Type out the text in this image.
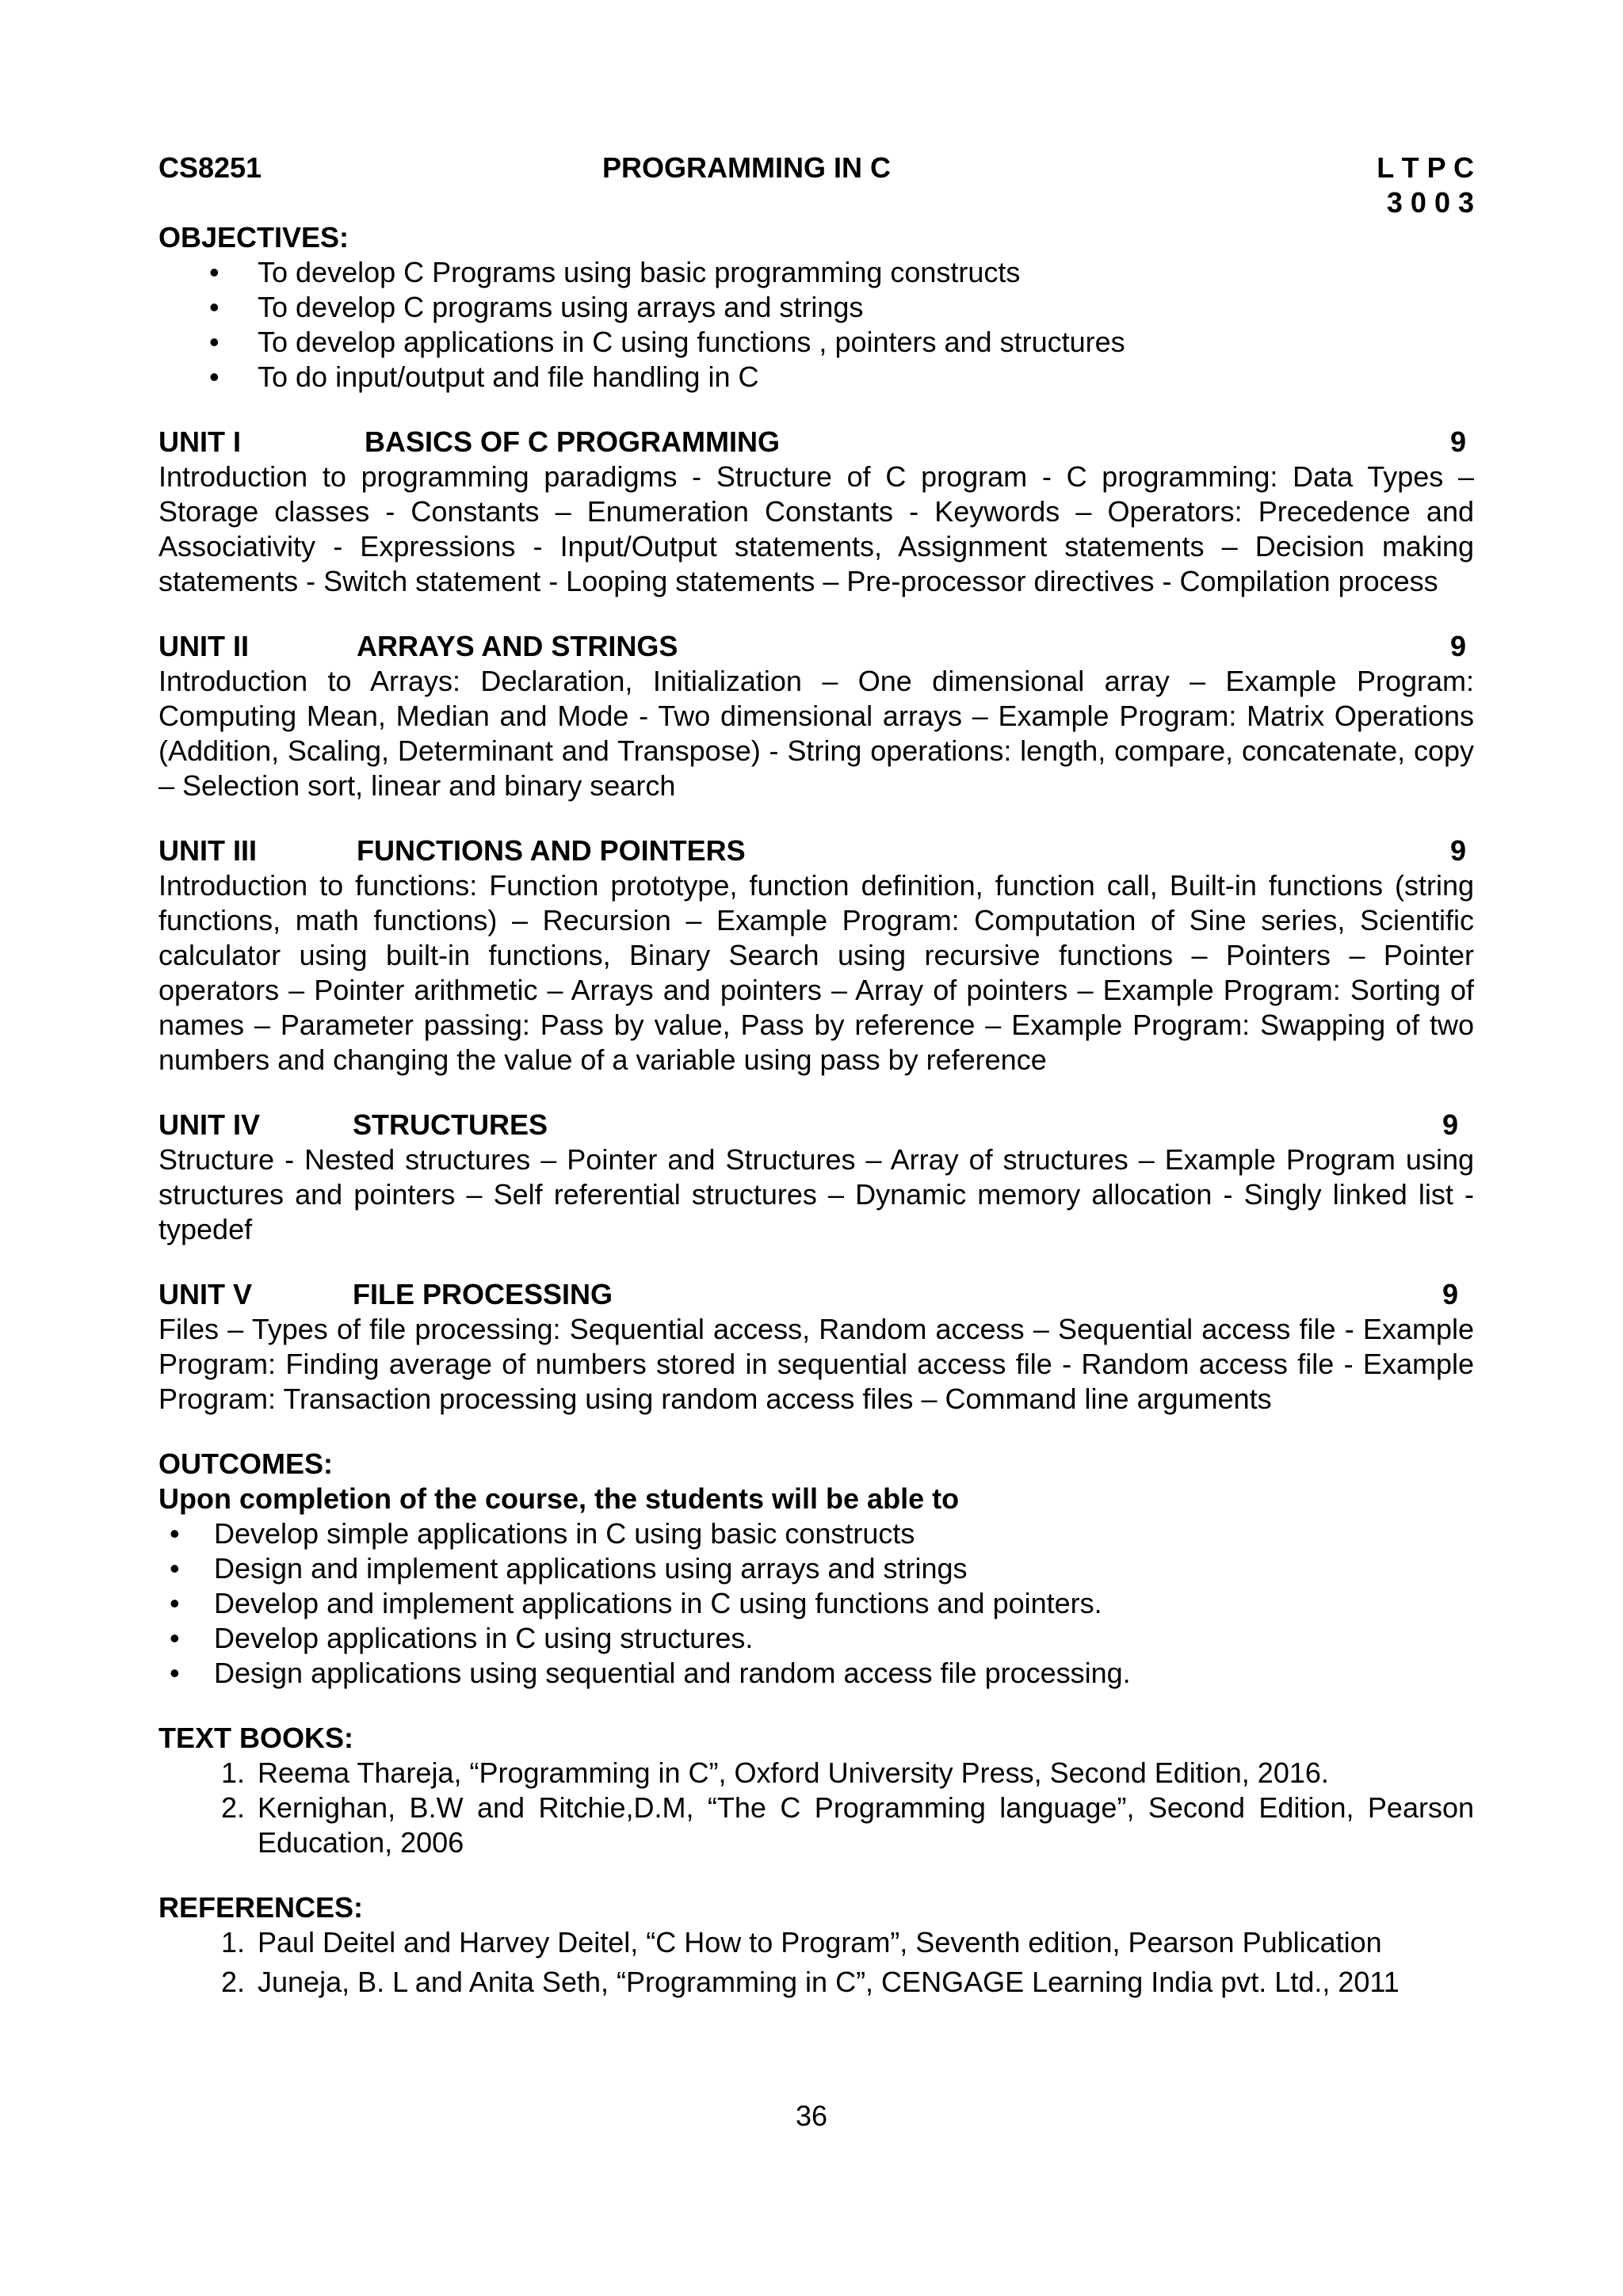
CS8251	PROGRAMMING IN C	L T P C
3 0 0 3
OBJECTIVES:
• To develop C Programs using basic programming constructs
• To develop C programs using arrays and strings
• To develop applications in C using functions , pointers and structures
• To do input/output and file handling in C
UNIT I	BASICS OF C PROGRAMMING	9
Introduction to programming paradigms - Structure of C program - C programming: Data Types – Storage classes - Constants – Enumeration Constants - Keywords – Operators: Precedence and Associativity - Expressions - Input/Output statements, Assignment statements – Decision making statements - Switch statement - Looping statements – Pre-processor directives - Compilation process
UNIT II	ARRAYS AND STRINGS	9
Introduction to Arrays: Declaration, Initialization – One dimensional array – Example Program: Computing Mean, Median and Mode - Two dimensional arrays – Example Program: Matrix Operations (Addition, Scaling, Determinant and Transpose) - String operations: length, compare, concatenate, copy – Selection sort, linear and binary search
UNIT III	FUNCTIONS AND POINTERS	9
Introduction to functions: Function prototype, function definition, function call, Built-in functions (string functions, math functions) – Recursion – Example Program: Computation of Sine series, Scientific calculator using built-in functions, Binary Search using recursive functions – Pointers – Pointer operators – Pointer arithmetic – Arrays and pointers – Array of pointers – Example Program: Sorting of names – Parameter passing: Pass by value, Pass by reference – Example Program: Swapping of two numbers and changing the value of a variable using pass by reference
UNIT IV	STRUCTURES	9
Structure - Nested structures – Pointer and Structures – Array of structures – Example Program using structures and pointers – Self referential structures – Dynamic memory allocation - Singly linked list - typedef
UNIT V	FILE PROCESSING	9
Files – Types of file processing: Sequential access, Random access – Sequential access file - Example Program: Finding average of numbers stored in sequential access file - Random access file - Example Program: Transaction processing using random access files – Command line arguments
OUTCOMES:
Upon completion of the course, the students will be able to
• Develop simple applications in C using basic constructs
• Design and implement applications using arrays and strings
• Develop and implement applications in C using functions and pointers.
• Develop applications in C using structures.
• Design applications using sequential and random access file processing.
TEXT BOOKS:
1. Reema Thareja, “Programming in C”, Oxford University Press, Second Edition, 2016.
2. Kernighan, B.W and Ritchie,D.M, “The C Programming language”, Second Edition, Pearson Education, 2006
REFERENCES:
1. Paul Deitel and Harvey Deitel, “C How to Program”, Seventh edition, Pearson Publication
2. Juneja, B. L and Anita Seth, “Programming in C”, CENGAGE Learning India pvt. Ltd., 2011
36
